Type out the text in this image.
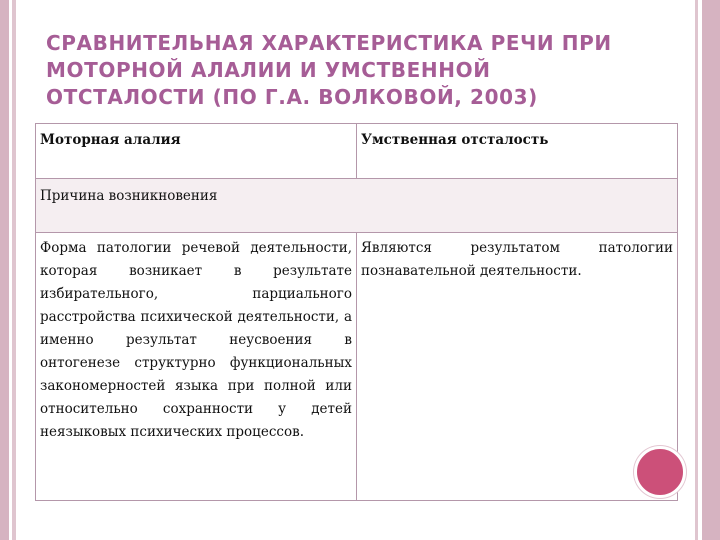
СРАВНИТЕЛЬНАЯ ХАРАКТЕРИСТИКА РЕЧИ ПРИ МОТОРНОЙ АЛАЛИИ И УМСТВЕННОЙ ОТСТАЛОСТИ (ПО Г.А. ВОЛКОВОЙ, 2003)
Моторная алалия	Умственная отсталость
Причина возникновения	
Форма патологии речевой деятельности, которая возникает в результате избирательного, парциального расстройства психической деятельности, а именно результат неусвоения в онтогенезе структурно функциональных закономерностей языка при полной или относительно сохранности у детей неязыковых психических процессов.	Являются результатом патологии познавательной деятельности.
